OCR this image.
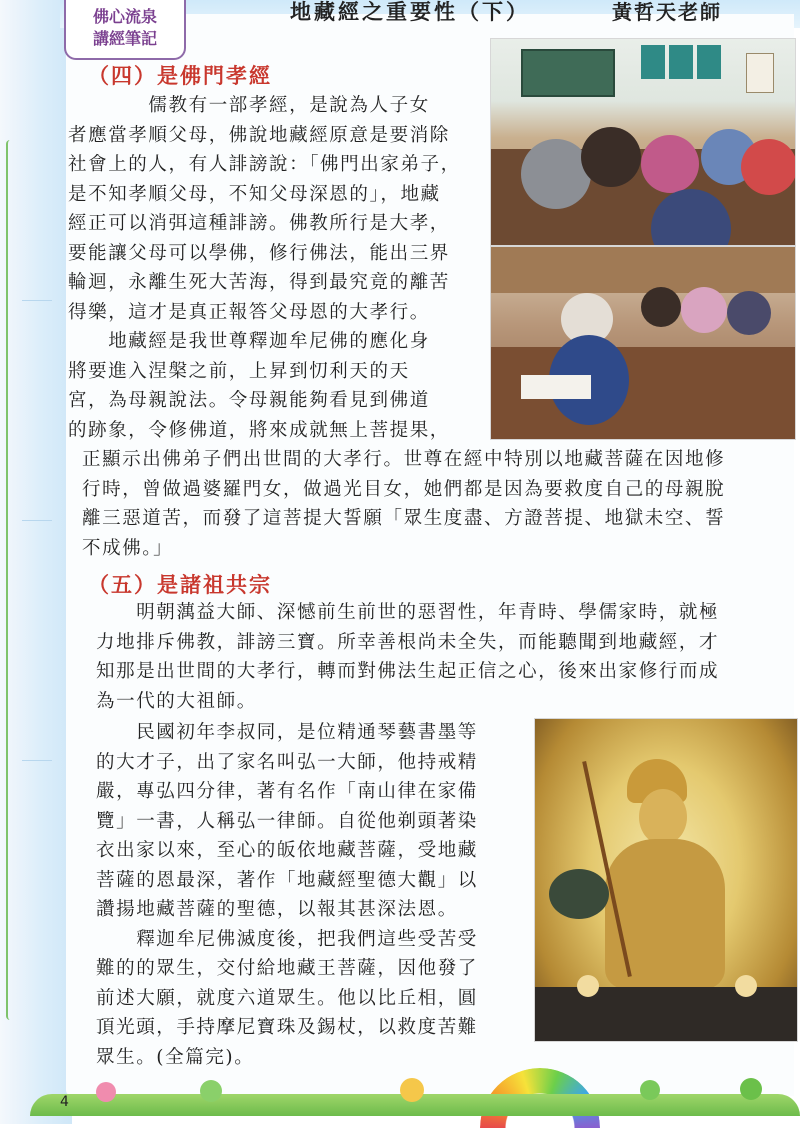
佛心流泉
講經筆記
地藏經之重要性（下）	黃哲天老師
（四）是佛門孝經
　　　　儒教有一部孝經，是說為人子女
者應當孝順父母，佛說地藏經原意是要消除
社會上的人，有人誹謗說：「佛門出家弟子，
是不知孝順父母，不知父母深恩的」，地藏
經正可以消弭這種誹謗。佛教所行是大孝，
要能讓父母可以學佛，修行佛法，能出三界
輪迴，永離生死大苦海，得到最究竟的離苦
得樂，這才是真正報答父母恩的大孝行。
　　地藏經是我世尊釋迦牟尼佛的應化身
將要進入涅槃之前，上昇到忉利天的天
宮，為母親說法。令母親能夠看見到佛道
的跡象，令修佛道，將來成就無上菩提果，
正顯示出佛弟子們出世間的大孝行。世尊在經中特別以地藏菩薩在因地修
行時，曾做過婆羅門女，做過光目女，她們都是因為要救度自己的母親脫
離三惡道苦，而發了這菩提大誓願「眾生度盡、方證菩提、地獄未空、誓
不成佛。」
（五）是諸祖共宗
　　明朝蕅益大師、深憾前生前世的惡習性，年青時、學儒家時，就極
力地排斥佛教，誹謗三寶。所幸善根尚未全失，而能聽聞到地藏經，才
知那是出世間的大孝行，轉而對佛法生起正信之心，後來出家修行而成
為一代的大祖師。
　　民國初年李叔同，是位精通琴藝書墨等
的大才子，出了家名叫弘一大師，他持戒精
嚴，專弘四分律，著有名作「南山律在家備
覽」一書，人稱弘一律師。自從他剃頭著染
衣出家以來，至心的皈依地藏菩薩，受地藏
菩薩的恩最深，著作「地藏經聖德大觀」以
讚揚地藏菩薩的聖德，以報其甚深法恩。
　　釋迦牟尼佛滅度後，把我們這些受苦受
難的的眾生，交付給地藏王菩薩，因他發了
前述大願，就度六道眾生。他以比丘相，圓
頂光頭，手持摩尼寶珠及錫杖，以救度苦難
眾生。(全篇完)。
4
